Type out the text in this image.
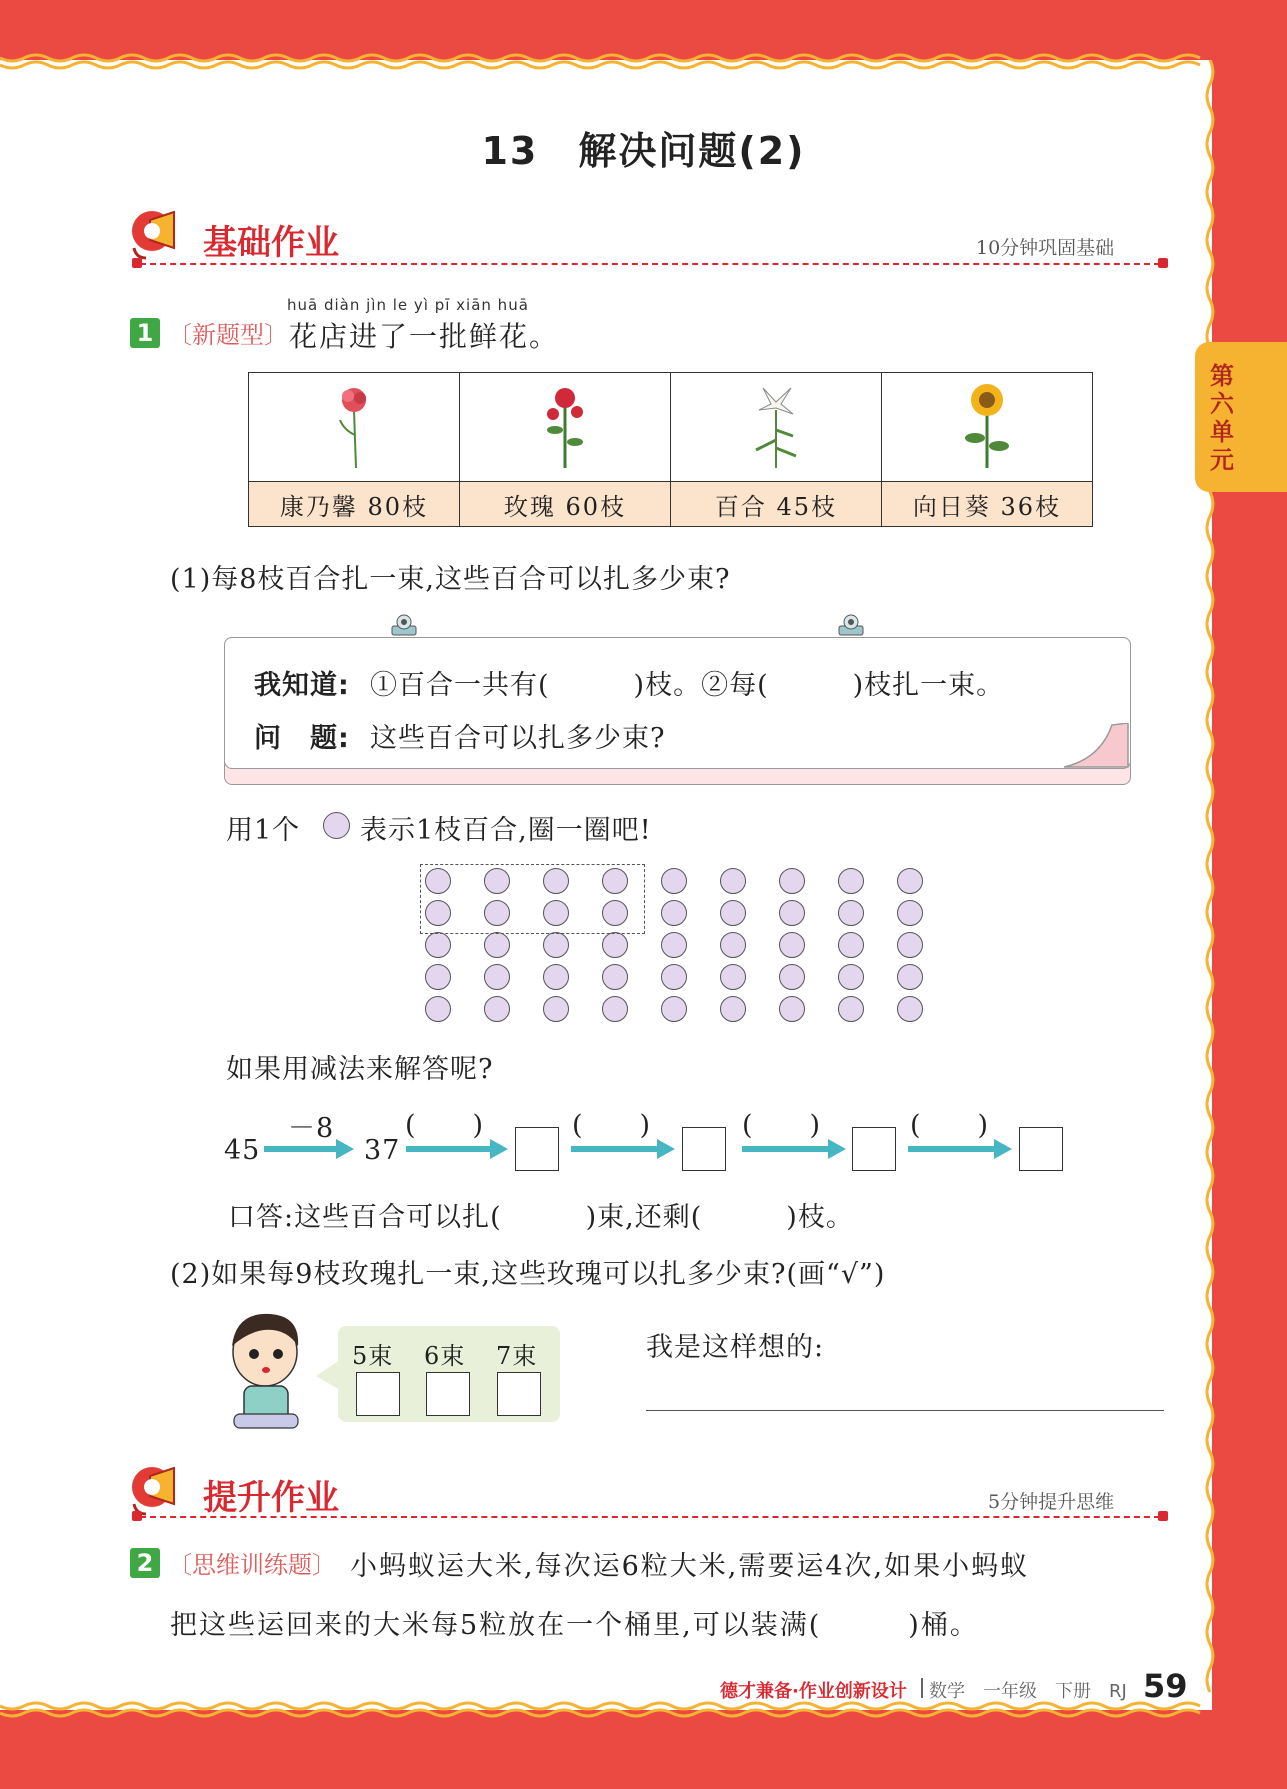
第六单元
13　解决问题(2)
基础作业	10分钟巩固基础
huā diàn jìn le yì pī xiān huā
1 〔新题型〕 花店进了一批鲜花。

康乃馨 80枝	玫瑰 60枝	百合 45枝	向日葵 36枝
(1)每8枝百合扎一束,这些百合可以扎多少束?
我知道: ①百合一共有(　　　)枝。②每(　　　)枝扎一束。
问　题: 这些百合可以扎多少束?
用1个 表示1枝百合,圈一圈吧!
如果用减法来解答呢?
45
－8
37
(　　)	(　　)	(　　)	(　　)
口答:这些百合可以扎(　　　)束,还剩(　　　)枝。
(2)如果每9枝玫瑰扎一束,这些玫瑰可以扎多少束?(画“√”)
5束 6束 7束	我是这样想的:
提升作业	5分钟提升思维
2 〔思维训练题〕 小蚂蚁运大米,每次运6粒大米,需要运4次,如果小蚂蚁
把这些运回来的大米每5粒放在一个桶里,可以装满(　　　)桶。
德才兼备·作业创新设计 数学　一年级　下册　RJ 59
